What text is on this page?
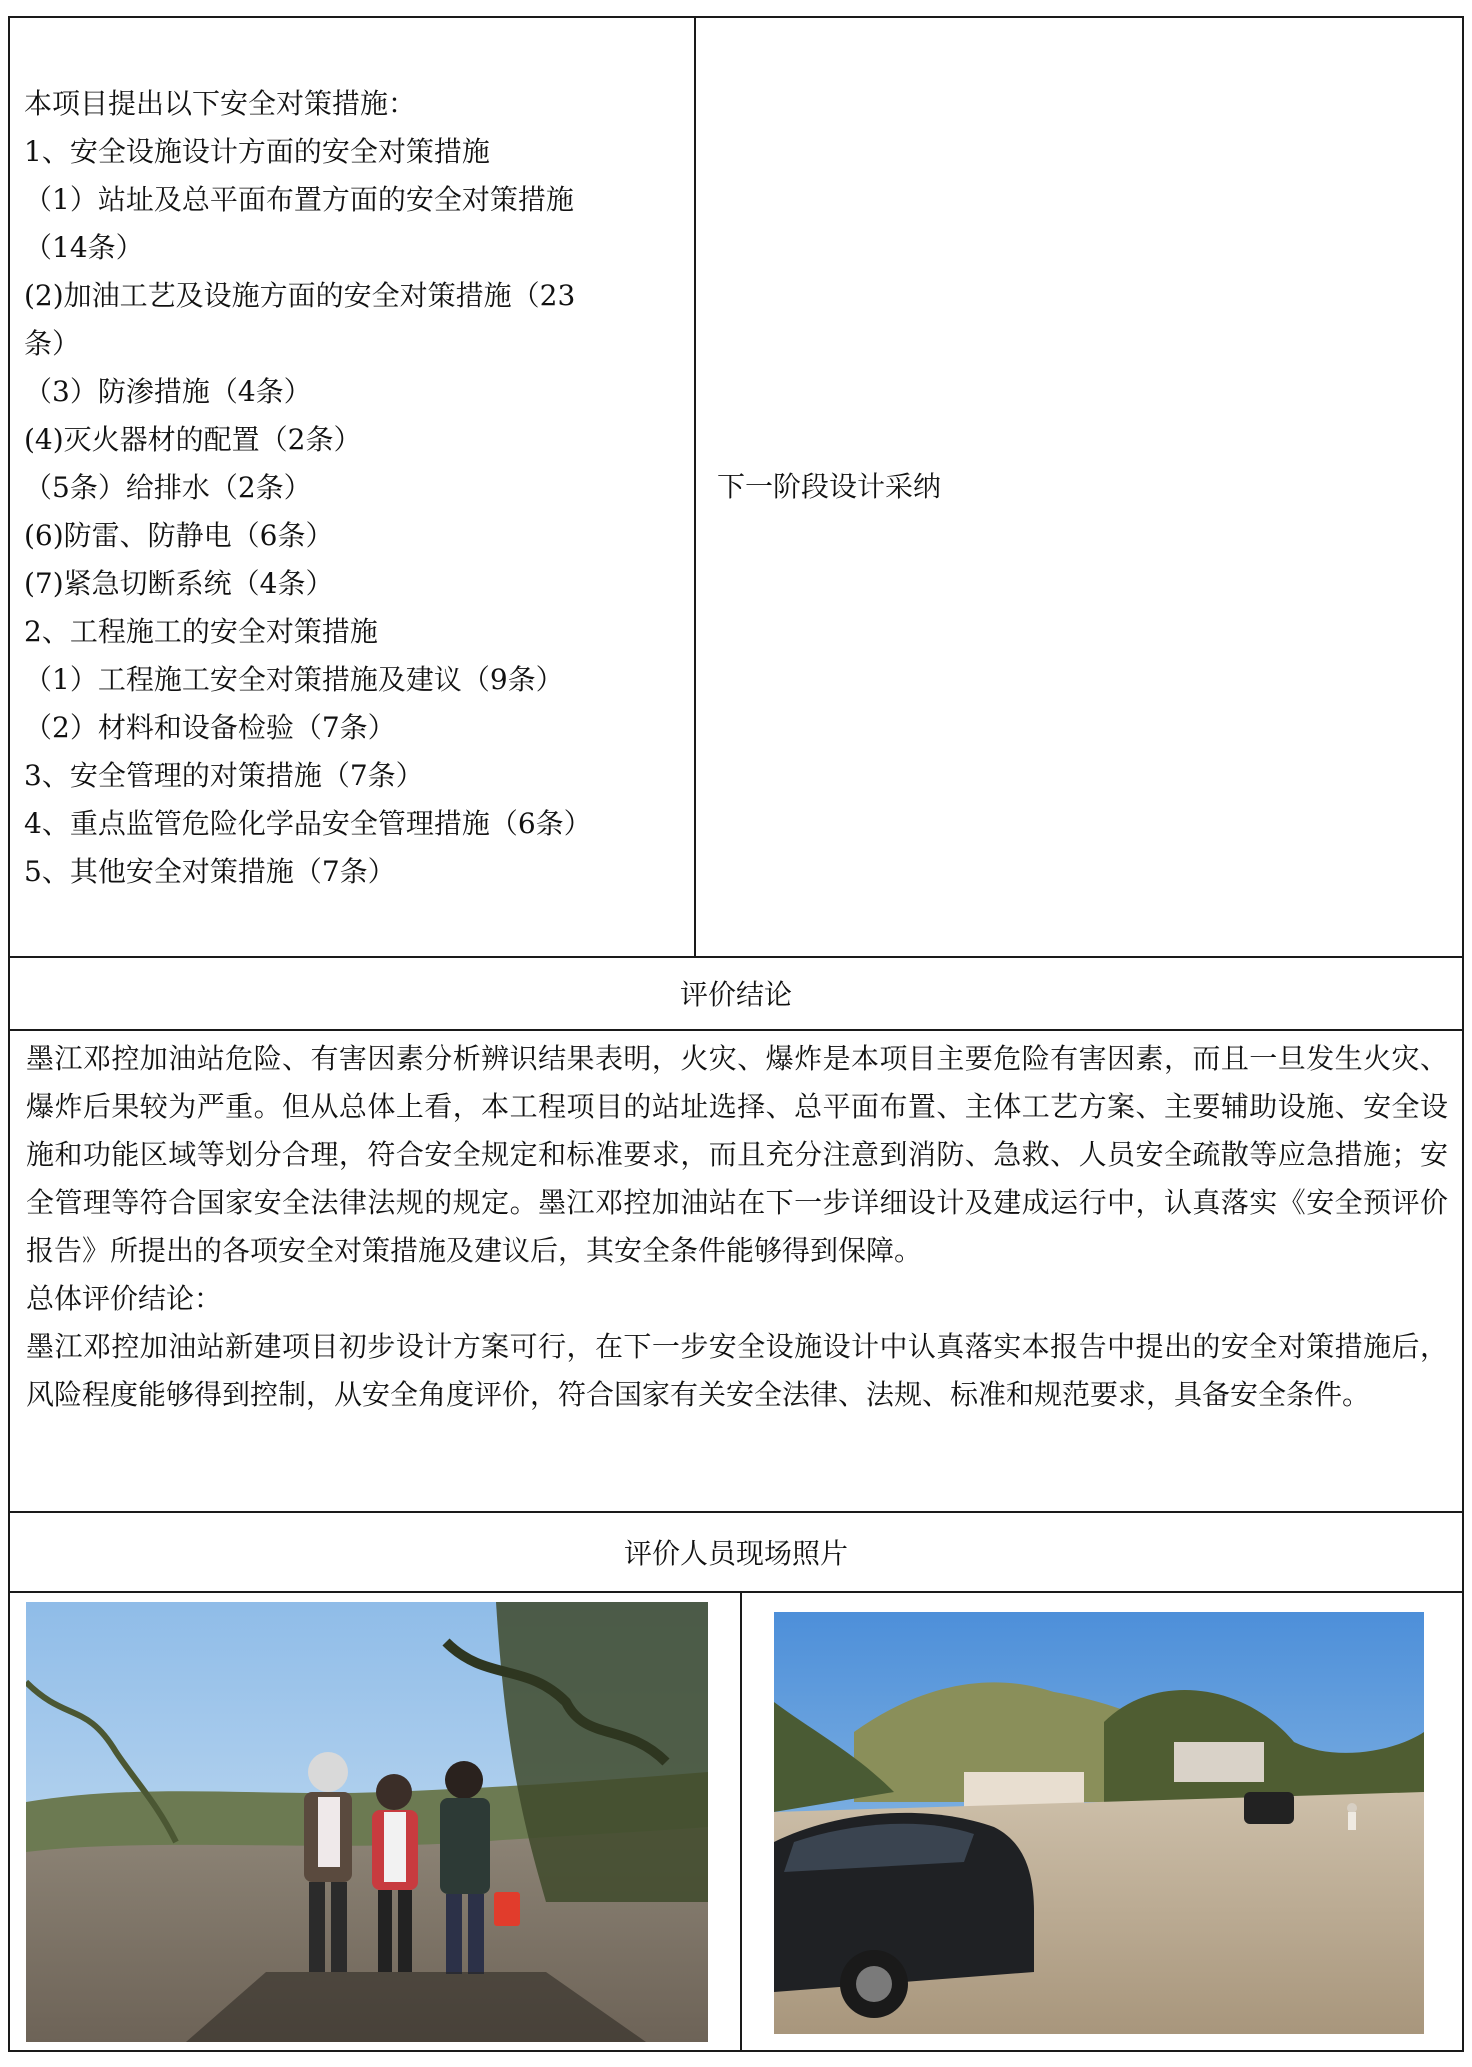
本项目提出以下安全对策措施：
1、安全设施设计方面的安全对策措施
（1）站址及总平面布置方面的安全对策措施
（14条）
(2)加油工艺及设施方面的安全对策措施（23
条）
（3）防渗措施（4条）
(4)灭火器材的配置（2条）
（5条）给排水（2条）
(6)防雷、防静电（6条）
(7)紧急切断系统（4条）
2、工程施工的安全对策措施
（1）工程施工安全对策措施及建议（9条）
（2）材料和设备检验（7条）
3、安全管理的对策措施（7条）
4、重点监管危险化学品安全管理措施（6条）
5、其他安全对策措施（7条）
下一阶段设计采纳
评价结论

墨江邓控加油站危险、有害因素分析辨识结果表明，火灾、爆炸是本项目主要危险有害因素，而且一旦发生火灾、爆炸后果较为严重。但从总体上看，本工程项目的站址选择、总平面布置、主体工艺方案、主要辅助设施、安全设施和功能区域等划分合理，符合安全规定和标准要求，而且充分注意到消防、急救、人员安全疏散等应急措施；安全管理等符合国家安全法律法规的规定。墨江邓控加油站在下一步详细设计及建成运行中，认真落实《安全预评价报告》所提出的各项安全对策措施及建议后，其安全条件能够得到保障。

总体评价结论：

墨江邓控加油站新建项目初步设计方案可行，在下一步安全设施设计中认真落实本报告中提出的安全对策措施后，风险程度能够得到控制，从安全角度评价，符合国家有关安全法律、法规、标准和规范要求，具备安全条件。

评价人员现场照片
